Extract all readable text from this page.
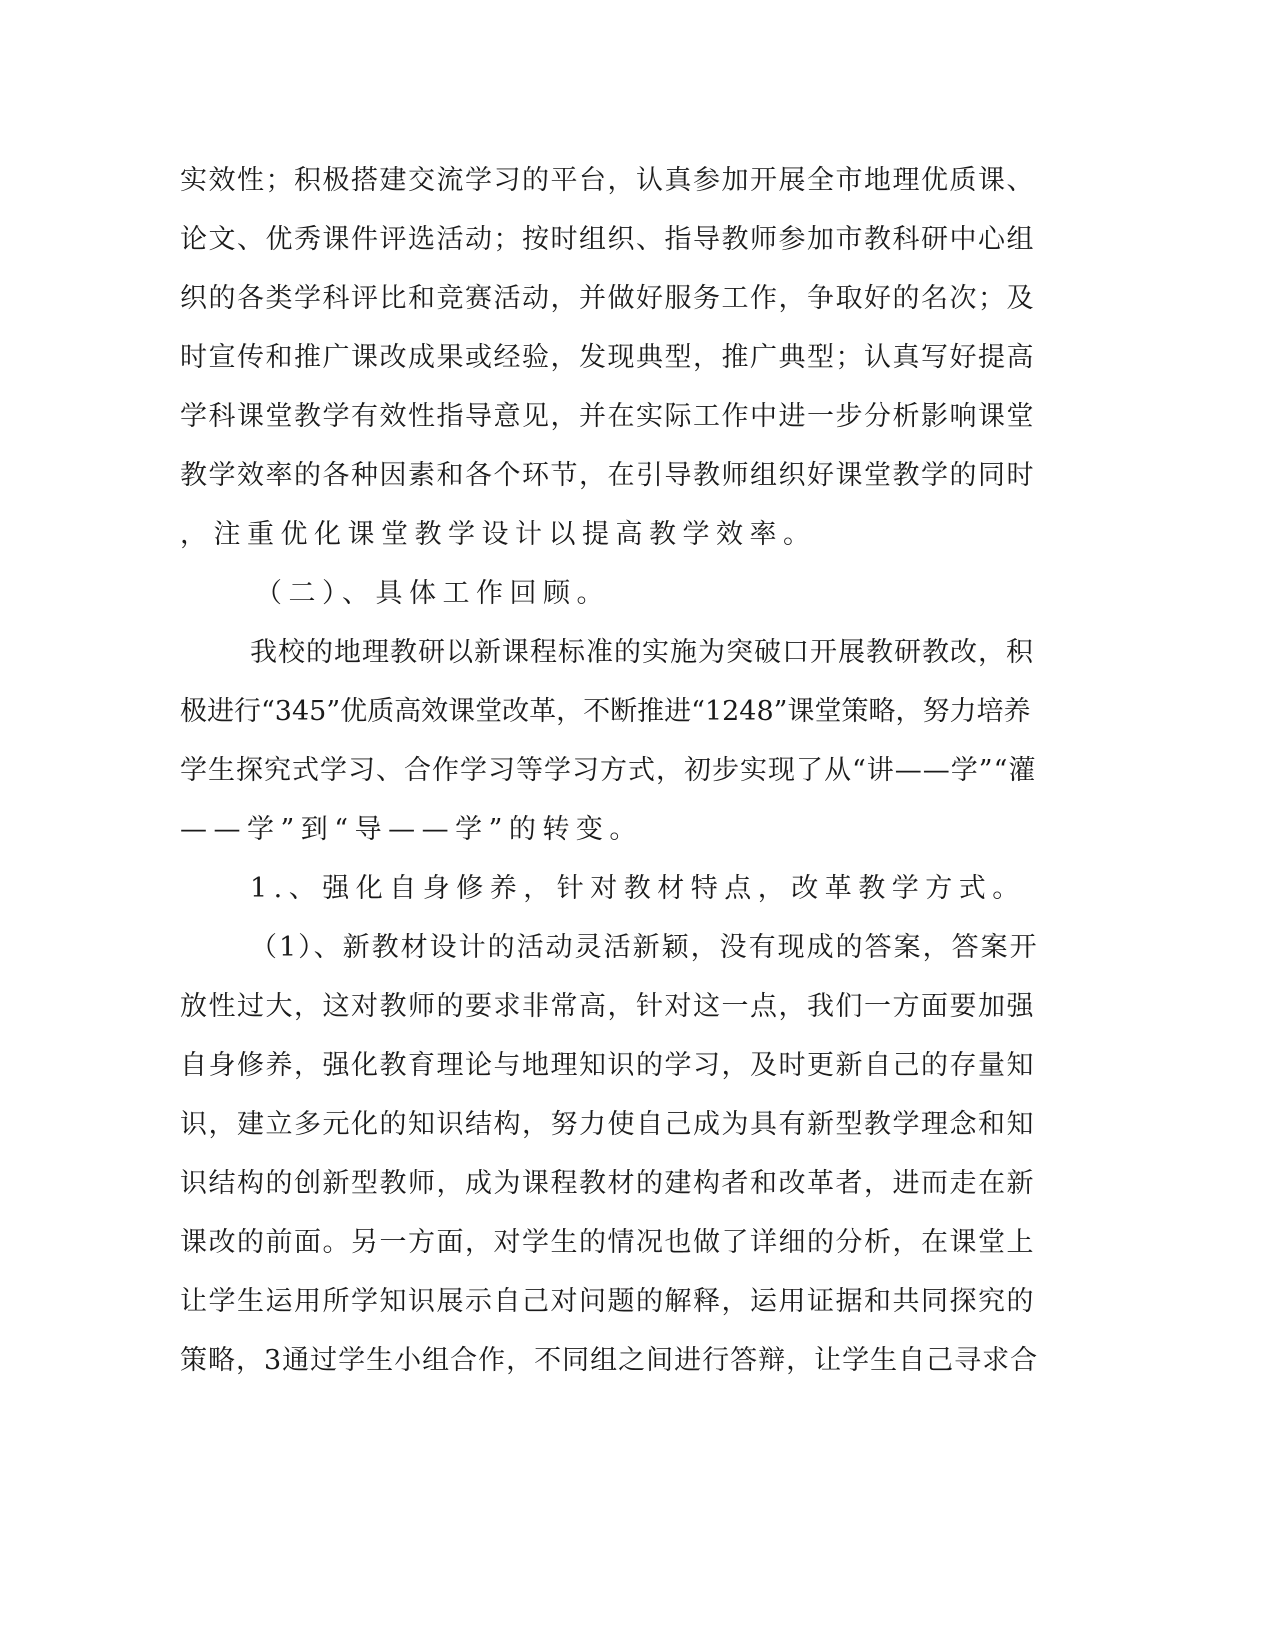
实效性；积极搭建交流学习的平台，认真参加开展全市地理优质课、
论文、优秀课件评选活动；按时组织、指导教师参加市教科研中心组
织的各类学科评比和竞赛活动，并做好服务工作，争取好的名次；及
时宣传和推广课改成果或经验，发现典型，推广典型；认真写好提高
学科课堂教学有效性指导意见，并在实际工作中进一步分析影响课堂
教学效率的各种因素和各个环节，在引导教师组织好课堂教学的同时
，注重优化课堂教学设计以提高教学效率。
（二）、具体工作回顾。
我校的地理教研以新课程标准的实施为突破口开展教研教改，积
极进行“345”优质高效课堂改革，不断推进“1248”课堂策略，努力培养
学生探究式学习、合作学习等学习方式，初步实现了从“讲——学”“灌
——学”到“导——学”的转变。
1.、强化自身修养，针对教材特点，改革教学方式。
（1）、新教材设计的活动灵活新颖，没有现成的答案，答案开
放性过大，这对教师的要求非常高，针对这一点，我们一方面要加强
自身修养，强化教育理论与地理知识的学习，及时更新自己的存量知
识，建立多元化的知识结构，努力使自己成为具有新型教学理念和知
识结构的创新型教师，成为课程教材的建构者和改革者，进而走在新
课改的前面。另一方面，对学生的情况也做了详细的分析，在课堂上
让学生运用所学知识展示自己对问题的解释，运用证据和共同探究的
策略，3通过学生小组合作，不同组之间进行答辩，让学生自己寻求合
